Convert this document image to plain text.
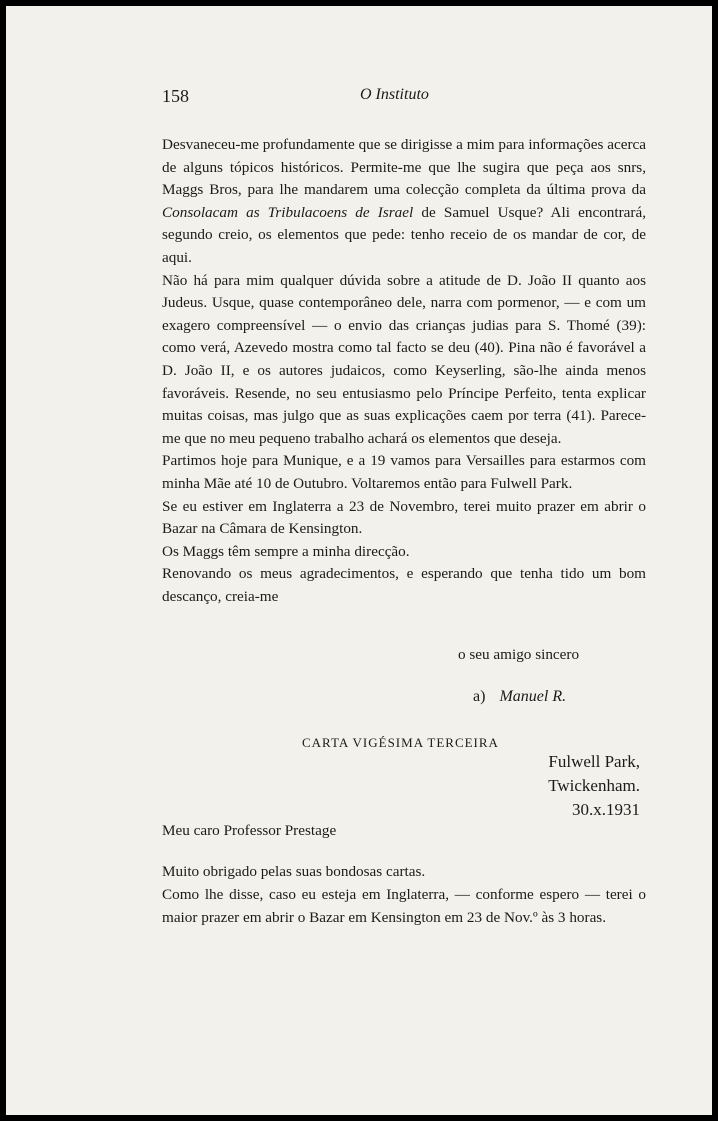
158	O Instituto

Desvaneceu-me profundamente que se dirigisse a mim para informações acerca de alguns tópicos históricos. Permite-me que lhe sugira que peça aos snrs, Maggs Bros, para lhe mandarem uma colecção completa da última prova da Consolacam as Tribulacoens de Israel de Samuel Usque? Ali encontrará, segundo creio, os elementos que pede: tenho receio de os mandar de cor, de aqui.

Não há para mim qualquer dúvida sobre a atitude de D. João II quanto aos Judeus. Usque, quase contemporâneo dele, narra com pormenor, — e com um exagero compreensível — o envio das crianças judias para S. Thomé (39): como verá, Azevedo mostra como tal facto se deu (40). Pina não é favorável a D. João II, e os autores judaicos, como Keyserling, são-lhe ainda menos favoráveis. Resende, no seu entusiasmo pelo Príncipe Perfeito, tenta explicar muitas coisas, mas julgo que as suas explicações caem por terra (41). Parece-me que no meu pequeno trabalho achará os elementos que deseja.

Partimos hoje para Munique, e a 19 vamos para Versailles para estarmos com minha Mãe até 10 de Outubro. Voltaremos então para Fulwell Park.

Se eu estiver em Inglaterra a 23 de Novembro, terei muito prazer em abrir o Bazar na Câmara de Kensington.

Os Maggs têm sempre a minha direcção.

Renovando os meus agradecimentos, e esperando que tenha tido um bom descanço, creia-me

o seu amigo sincero
a) Manuel R.
CARTA VIGÉSIMA TERCEIRA
Fulwell Park,
Twickenham.
30.x.1931
Meu caro Professor Prestage

Muito obrigado pelas suas bondosas cartas.

Como lhe disse, caso eu esteja em Inglaterra, — conforme espero — terei o maior prazer em abrir o Bazar em Kensington em 23 de Nov.º às 3 horas.
